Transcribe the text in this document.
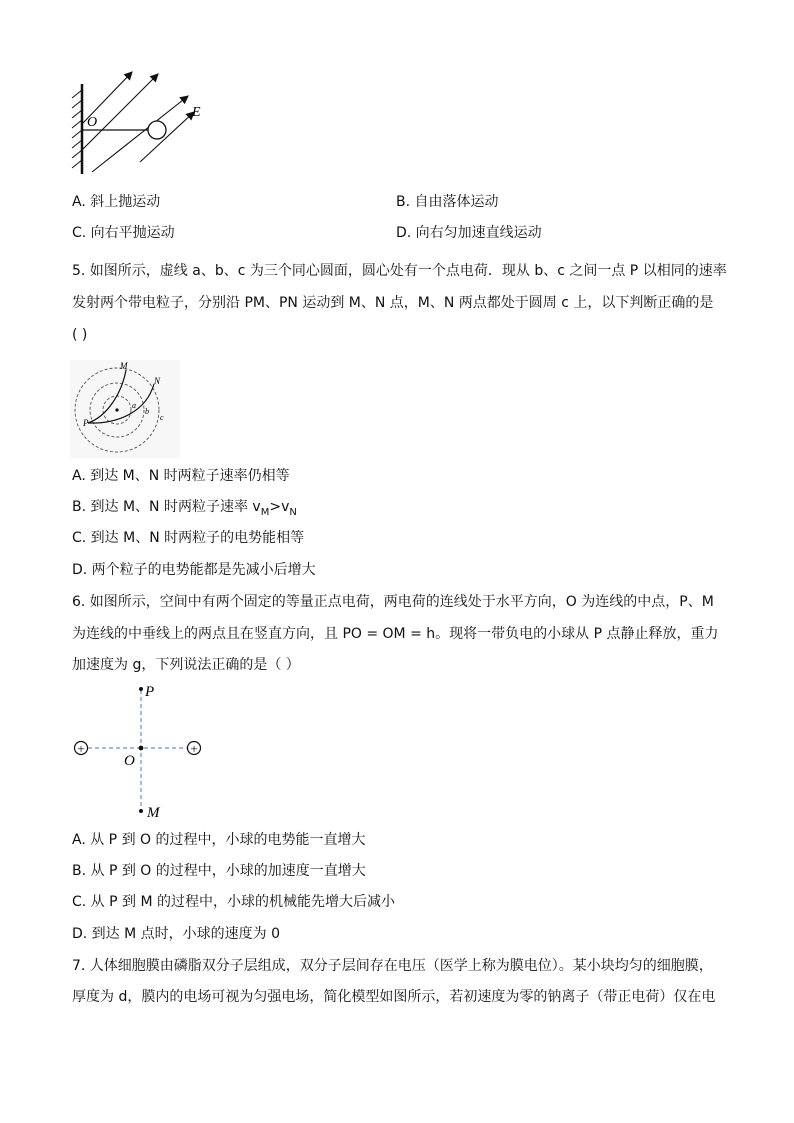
O
E
A. 斜上抛运动	B. 自由落体运动
C. 向右平抛运动	D. 向右匀加速直线运动
5. 如图所示，虚线 a、b、c 为三个同心圆面，圆心处有一个点电荷．现从 b、c 之间一点 P 以相同的速率
发射两个带电粒子，分别沿 PM、PN 运动到 M、N 点，M、N 两点都处于圆周 c 上，以下判断正确的是
( )
M
N
P
a
b
c
A. 到达 M、N 时两粒子速率仍相等
B. 到达 M、N 时两粒子速率 $v_M>v_N$
C. 到达 M、N 时两粒子的电势能相等
D. 两个粒子的电势能都是先减小后增大
6. 如图所示，空间中有两个固定的等量正点电荷，两电荷的连线处于水平方向，O 为连线的中点，P、M
为连线的中垂线上的两点且在竖直方向，且 PO = OM = h。现将一带负电的小球从 P 点静止释放，重力
加速度为 g，下列说法正确的是（ ）
+	+
P
O
M
A. 从 P 到 O 的过程中，小球的电势能一直增大
B. 从 P 到 O 的过程中，小球的加速度一直增大
C. 从 P 到 M 的过程中，小球的机械能先增大后减小
D. 到达 M 点时，小球的速度为 0
7. 人体细胞膜由磷脂双分子层组成，双分子层间存在电压（医学上称为膜电位）。某小块均匀的细胞膜，
厚度为 d，膜内的电场可视为匀强电场，简化模型如图所示，若初速度为零的钠离子（带正电荷）仅在电
